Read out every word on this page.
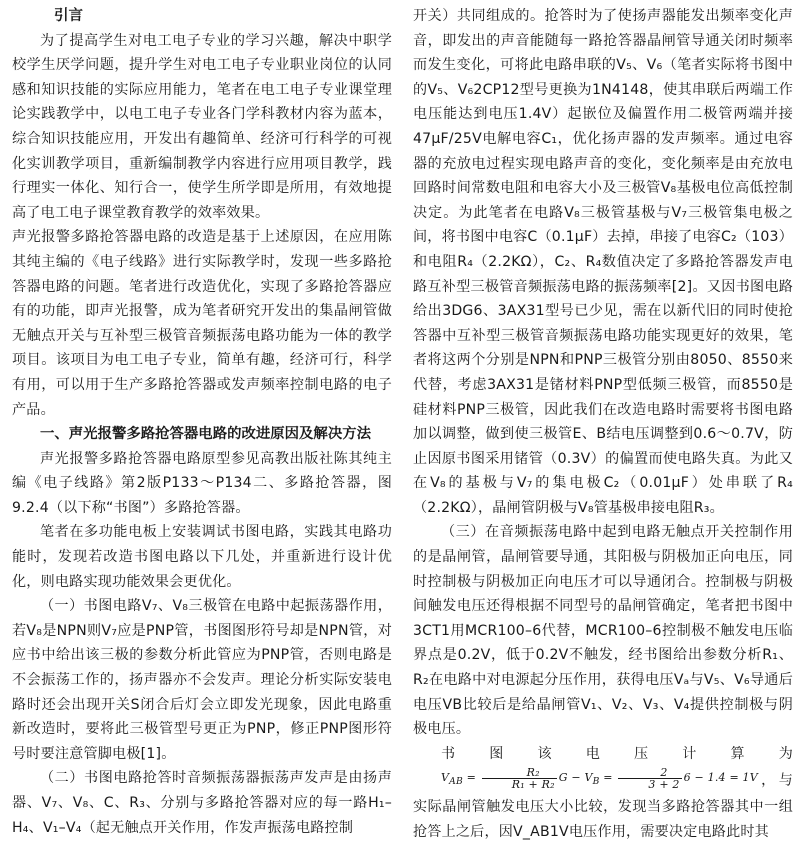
引言

为了提高学生对电工电子专业的学习兴趣，解决中职学校学生厌学问题，提升学生对电工电子专业职业岗位的认同感和知识技能的实际应用能力，笔者在电工电子专业课堂理论实践教学中，以电工电子专业各门学科教材内容为蓝本，综合知识技能应用，开发出有趣简单、经济可行科学的可视化实训教学项目，重新编制教学内容进行应用项目教学，践行理实一体化、知行合一，使学生所学即是所用，有效地提高了电工电子课堂教育教学的效率效果。

声光报警多路抢答器电路的改造是基于上述原因，在应用陈其纯主编的《电子线路》进行实际教学时，发现一些多路抢答器电路的问题。笔者进行改造优化，实现了多路抢答器应有的功能，即声光报警，成为笔者研究开发出的集晶闸管做无触点开关与互补型三极管音频振荡电路功能为一体的教学项目。该项目为电工电子专业，简单有趣，经济可行，科学有用，可以用于生产多路抢答器或发声频率控制电路的电子产品。

一、声光报警多路抢答器电路的改进原因及解决方法

声光报警多路抢答器电路原型参见高教出版社陈其纯主编《电子线路》第2版P133～P134二、多路抢答器，图9.2.4（以下称“书图”）多路抢答器。

笔者在多功能电板上安装调试书图电路，实践其电路功能时，发现若改造书图电路以下几处，并重新进行设计优化，则电路实现功能效果会更优化。

（一）书图电路V₇、V₈三极管在电路中起振荡器作用，若V₈是NPN则V₇应是PNP管，书图图形符号却是NPN管，对应书中给出该三极的参数分析此管应为PNP管，否则电路是不会振荡工作的，扬声器亦不会发声。理论分析实际安装电路时还会出现开关S闭合后灯会立即发光现象，因此电路重新改造时，要将此三极管型号更正为PNP，修正PNP图形符号时要注意管脚电极[1]。

（二）书图电路抢答时音频振荡器振荡声发声是由扬声器、V₇、V₈、C、R₃、分别与多路抢答器对应的每一路H₁–H₄、V₁–V₄（起无触点开关作用，作发声振荡电路控制

开关）共同组成的。抢答时为了使扬声器能发出频率变化声音，即发出的声音能随每一路抢答器晶闸管导通关闭时频率而发生变化，可将此电路串联的V₅、V₆（笔者实际将书图中的V₅、V₆2CP12型号更换为1N4148，使其串联后两端工作电压能达到电压1.4V）起嵌位及偏置作用二极管两端并接47μF/25V电解电容C₁，优化扬声器的发声频率。通过电容器的充放电过程实现电路声音的变化，变化频率是由充放电回路时间常数电阻和电容大小及三极管V₈基极电位高低控制决定。为此笔者在电路V₈三极管基极与V₇三极管集电极之间，将书图中电容C（0.1μF）去掉，串接了电容C₂（103）和电阻R₄（2.2KΩ），C₂、R₄数值决定了多路抢答器发声电路互补型三极管音频振荡电路的振荡频率[2]。又因书图电路给出3DG6、3AX31型号已少见，需在以新代旧的同时使抢答器中互补型三极管音频振荡电路功能实现更好的效果，笔者将这两个分别是NPN和PNP三极管分别由8050、8550来代替，考虑3AX31是锗材料PNP型低频三极管，而8550是硅材料PNP三极管，因此我们在改造电路时需要将书图电路加以调整，做到使三极管E、B结电压调整到0.6～0.7V，防止因原书图采用锗管（0.3V）的偏置而使电路失真。为此又在V₈的基极与V₇的集电极C₂（0.01μF）处串联了R₄（2.2KΩ），晶闸管阴极与V₈管基极串接电阻R₃。

（三）在音频振荡电路中起到电路无触点开关控制作用的是晶闸管，晶闸管要导通，其阳极与阴极加正向电压，同时控制极与阴极加正向电压才可以导通闭合。控制极与阴极间触发电压还得根据不同型号的晶闸管确定，笔者把书图中3CT1用MCR100–6代替，MCR100–6控制极不触发电压临界点是0.2V，低于0.2V不触发，经书图给出参数分析R₁、R₂在电路中对电源起分压作用，获得电压Vₐ与V₅、V₆导通后电压VB比较后是给晶闸管V₁、V₂、V₃、V₄提供控制极与阴极电压。

书图该电压计算为 $V_{AB} = \frac{\text{R₂}}{\text{R₁ + R₂}}$ $G - V_B = \frac{2}{3 + 2} 6 - 1.4 = 1V$，与实际晶闸管触发电压大小比较，发现当多路抢答器其中一组抢答上之后，因V_AB1V电压作用，需要决定电路此时其
